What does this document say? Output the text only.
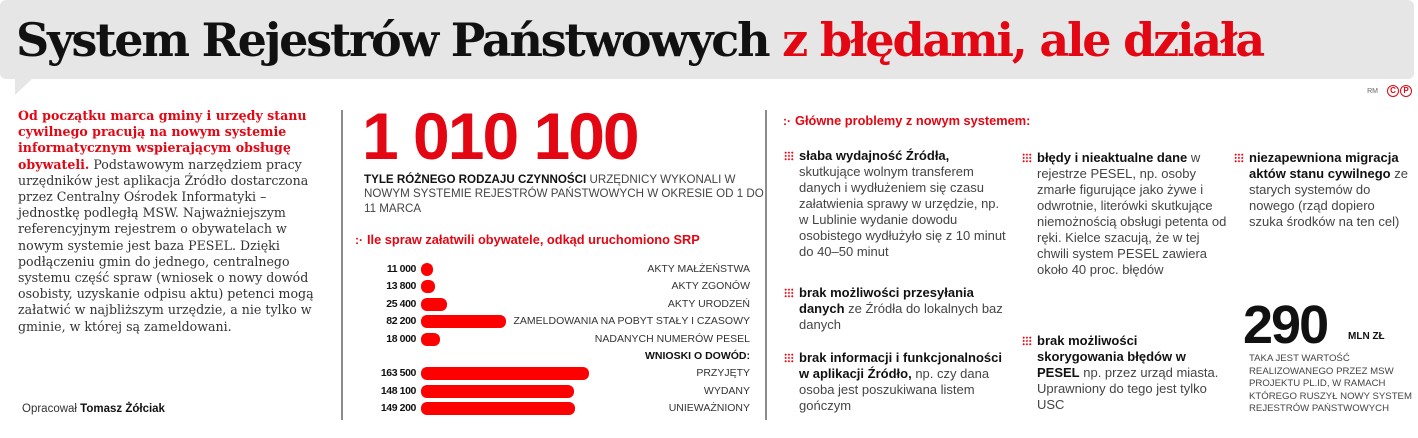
System Rejestrów Państwowych z błędami, ale działa
RM	C P

Od początku marca gminy i urzędy stanu cywilnego pracują na nowym systemie informatycznym wspierającym obsługę obywateli. Podstawowym narzędziem pracy urzędników jest aplikacja Źródło dostarczona przez Centralny Ośrodek Informatyki – jednostkę podległą MSW. Najważniejszym referencyjnym rejestrem o obywatelach w nowym systemie jest baza PESEL. Dzięki podłączeniu gmin do jednego, centralnego systemu część spraw (wniosek o nowy dowód osobisty, uzyskanie odpisu aktu) petenci mogą załatwić w najbliższym urzędzie, a nie tylko w gminie, w której są zameldowani.

Opracował Tomasz Żółciak
1 010 100
TYLE RÓŻNEGO RODZAJU CZYNNOŚCI URZĘDNICY WYKONALI W NOWYM SYSTEMIE REJESTRÓW PAŃSTWOWYCH W OKRESIE OD 1 DO 11 MARCA
:· Ile spraw załatwili obywatele, odkąd uruchomiono SRP
11 000	AKTY MAŁŻEŃSTWA
13 800	AKTY ZGONÓW
25 400	AKTY URODZEŃ
82 200	ZAMELDOWANIA NA POBYT STAŁY I CZASOWY
18 000	NADANYCH NUMERÓW PESEL
WNIOSKI O DOWÓD:
163 500	PRZYJĘTY
148 100	WYDANY
149 200	UNIEWAŻNIONY
:· Główne problemy z nowym systemem:
słaba wydajność Źródła, skutkujące wolnym transferem danych i wydłużeniem się czasu załatwienia sprawy w urzędzie, np. w Lublinie wydanie dowodu osobistego wydłużyło się z 10 minut do 40–50 minut
brak możliwości przesyłania danych ze Źródła do lokalnych baz danych
brak informacji i funkcjonalności w aplikacji Źródło, np. czy dana osoba jest poszukiwana listem gończym
błędy i nieaktualne dane w rejestrze PESEL, np. osoby zmarłe figurujące jako żywe i odwrotnie, literówki skutkujące niemożnością obsługi petenta od ręki. Kielce szacują, że w tej chwili system PESEL zawiera około 40 proc. błędów
brak możliwości skorygowania błędów w PESEL np. przez urząd miasta. Uprawniony do tego jest tylko USC
niezapewniona migracja aktów stanu cywilnego ze starych systemów do nowego (rząd dopiero szuka środków na ten cel)
290 MLN ZŁ
TAKA JEST WARTOŚĆ REALIZOWANEGO PRZEZ MSW PROJEKTU PL.ID, W RAMACH KTÓREGO RUSZYŁ NOWY SYSTEM REJESTRÓW PAŃSTWOWYCH
